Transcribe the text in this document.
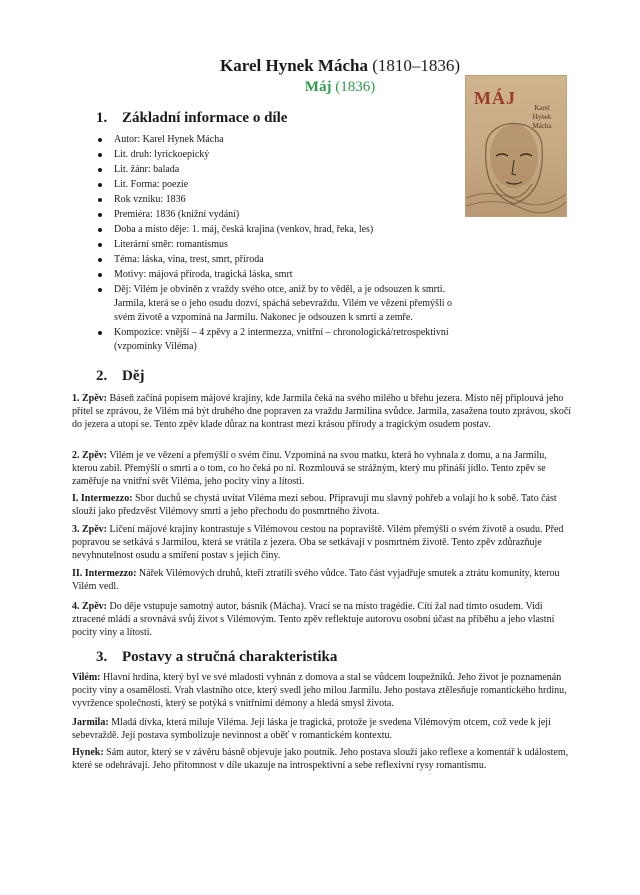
Karel Hynek Mácha (1810–1836)
Máj (1836)
MÁJ	Karel
Hynek
Mácha
1. Základní informace o díle
Autor: Karel Hynek Mácha
Lit. druh: lyrickoepický
Lit. žánr: balada
Lit. Forma: poezie
Rok vzniku: 1836
Premiéra: 1836 (knižní vydání)
Doba a místo děje: 1. máj, česká krajina (venkov, hrad, řeka, les)
Literární směr: romantismus
Téma: láska, vina, trest, smrt, příroda
Motivy: májová příroda, tragická láska, smrt
Děj: Vilém je obviněn z vraždy svého otce, aniž by to věděl, a je odsouzen k smrti. Jarmila, která se o jeho osudu dozví, spáchá sebevraždu. Vilém ve vězení přemýšlí o svém životě a vzpomíná na Jarmilu. Nakonec je odsouzen k smrti a zemře.
Kompozice: vnější – 4 zpěvy a 2 intermezza, vnitřní – chronologická/retrospektivní (vzpomínky Viléma)
2. Děj
1. Zpěv: Báseň začíná popisem májové krajiny, kde Jarmila čeká na svého milého u břehu jezera. Místo něj připlouvá jeho přítel se zprávou, že Vilém má být druhého dne popraven za vraždu Jarmilina svůdce. Jarmila, zasažena touto zprávou, skočí do jezera a utopí se. Tento zpěv klade důraz na kontrast mezi krásou přírody a tragickým osudem postav.
2. Zpěv: Vilém je ve vězení a přemýšlí o svém činu. Vzpomíná na svou matku, která ho vyhnala z domu, a na Jarmilu, kterou zabil. Přemýšlí o smrti a o tom, co ho čeká po ní. Rozmlouvá se strážným, který mu přináší jídlo. Tento zpěv se zaměřuje na vnitřní svět Viléma, jeho pocity viny a lítosti.
I. Intermezzo: Sbor duchů se chystá uvítat Viléma mezi sebou. Připravují mu slavný pohřeb a volají ho k sobě. Tato část slouží jako předzvěst Vilémovy smrti a jeho přechodu do posmrtného života.
3. Zpěv: Líčení májové krajiny kontrastuje s Vilémovou cestou na popraviště. Vilém přemýšlí o svém životě a osudu. Před popravou se setkává s Jarmilou, která se vrátila z jezera. Oba se setkávají v posmrtném životě. Tento zpěv zdůrazňuje nevyhnutelnost osudu a smíření postav s jejich činy.
II. Intermezzo: Nářek Vilémových druhů, kteří ztratili svého vůdce. Tato část vyjadřuje smutek a ztrátu komunity, kterou Vilém vedl.
4. Zpěv: Do děje vstupuje samotný autor, básník (Mácha). Vrací se na místo tragédie. Cítí žal nad tímto osudem. Vidí ztracené mládí a srovnává svůj život s Vilémovým. Tento zpěv reflektuje autorovu osobní účast na příběhu a jeho vlastní pocity viny a lítosti.
3. Postavy a stručná charakteristika
Vilém: Hlavní hrdina, který byl ve své mladosti vyhnán z domova a stal se vůdcem loupežníků. Jeho život je poznamenán pocity viny a osamělosti. Vrah vlastního otce, který svedl jeho milou Jarmilu. Jeho postava ztělesňuje romantického hrdinu, vyvržence společnosti, který se potýká s vnitřními démony a hledá smysl života.
Jarmila: Mladá dívka, která miluje Viléma. Její láska je tragická, protože je svedena Vilémovým otcem, což vede k její sebevraždě. Její postava symbolizuje nevinnost a oběť v romantickém kontextu.
Hynek: Sám autor, který se v závěru básně objevuje jako poutník. Jeho postava slouží jako reflexe a komentář k událostem, které se odehrávají. Jeho přítomnost v díle ukazuje na introspektivní a sebe reflexivní rysy romantismu.
